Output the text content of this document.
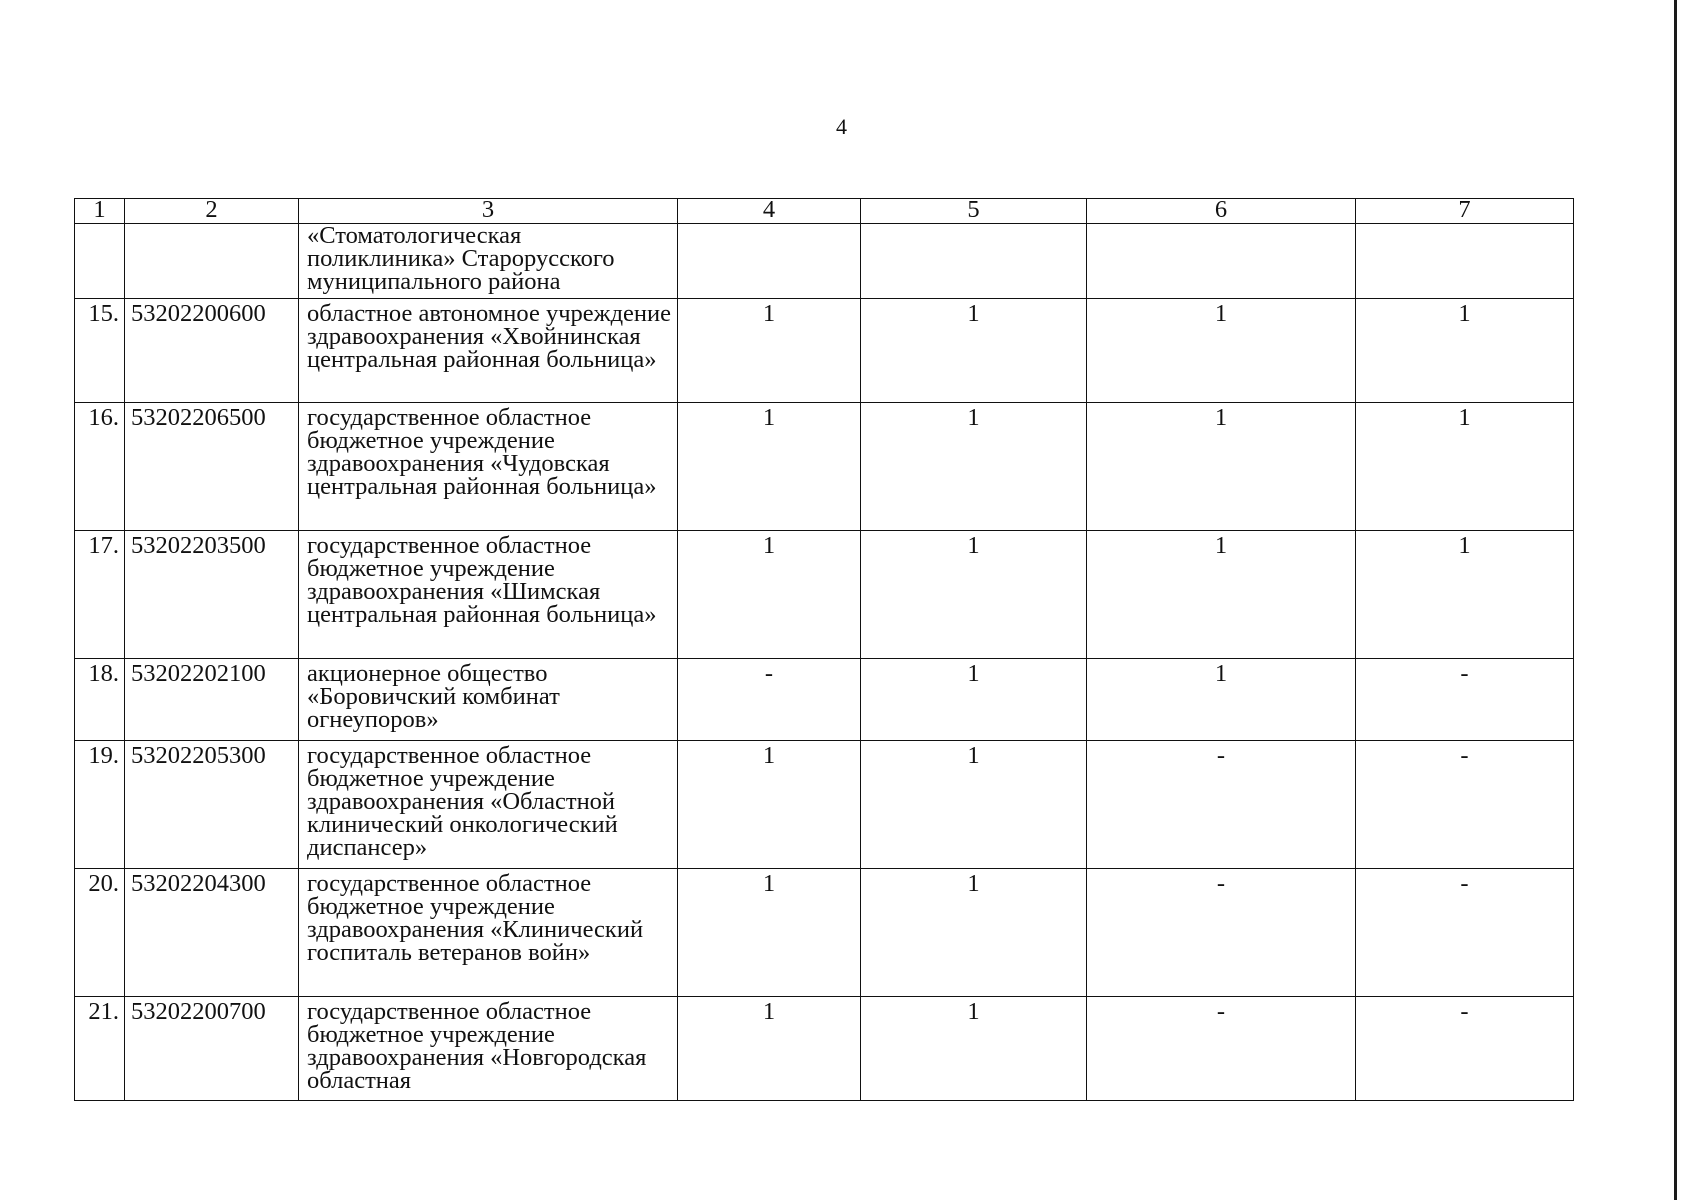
4
1	2	3	4	5	6	7
		«Стоматологическая поликлиника» Старорусского муниципального района				
15.	53202200600	областное автономное учреждение здравоохранения «Хвойнинская центральная районная больница»	1	1	1	1
16.	53202206500	государственное областное бюджетное учреждение здравоохранения «Чудовская центральная районная больница»	1	1	1	1
17.	53202203500	государственное областное бюджетное учреждение здравоохранения «Шимская центральная районная больница»	1	1	1	1
18.	53202202100	акционерное общество «Боровичский комбинат огнеупоров»	-	1	1	-
19.	53202205300	государственное областное бюджетное учреждение здравоохранения «Областной клинический онкологический диспансер»	1	1	-	-
20.	53202204300	государственное областное бюджетное учреждение здравоохранения «Клинический госпиталь ветеранов войн»	1	1	-	-
21.	53202200700	государственное областное бюджетное учреждение здравоохранения «Новгородская областная	1	1	-	-
